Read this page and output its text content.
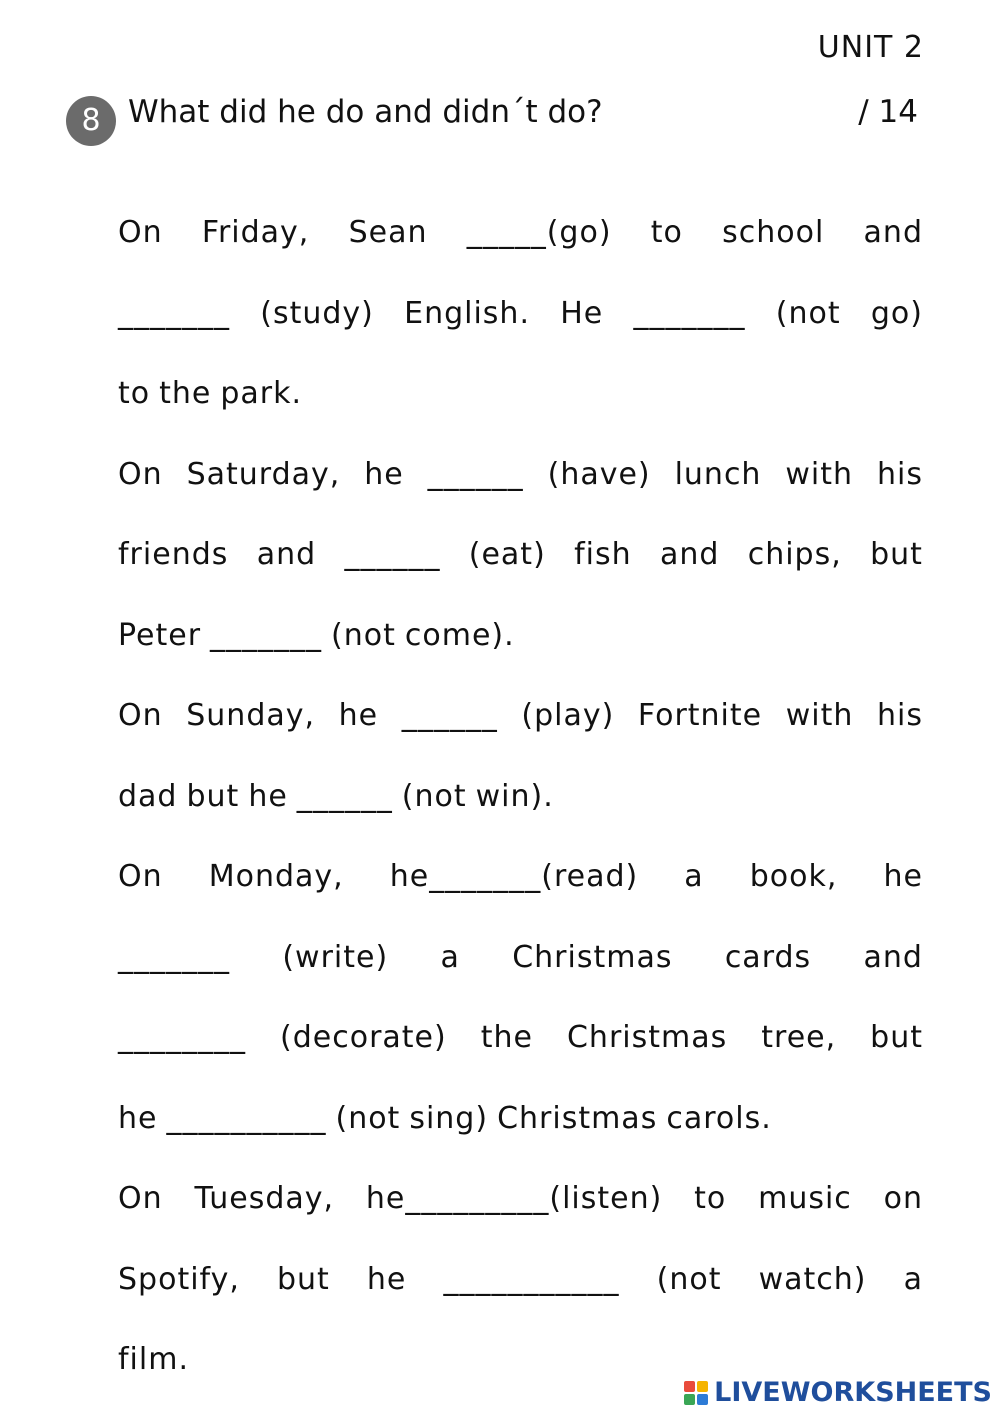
UNIT 2
8 What did he do and didn´t do?	/ 14
On Friday, Sean _____(go) to school and
_______ (study) English. He _______ (not go)
to the park.
On Saturday, he ______ (have) lunch with his
friends and ______ (eat) fish and chips, but
Peter _______ (not come).
On Sunday, he ______ (play) Fortnite with his
dad but he ______ (not win).
On Monday, he_______(read) a book, he
_______ (write) a Christmas cards and
________ (decorate) the Christmas tree, but
he __________ (not sing) Christmas carols.
On Tuesday, he_________(listen) to music on
Spotify, but he ___________ (not watch) a
film.
LIVEWORKSHEETS
